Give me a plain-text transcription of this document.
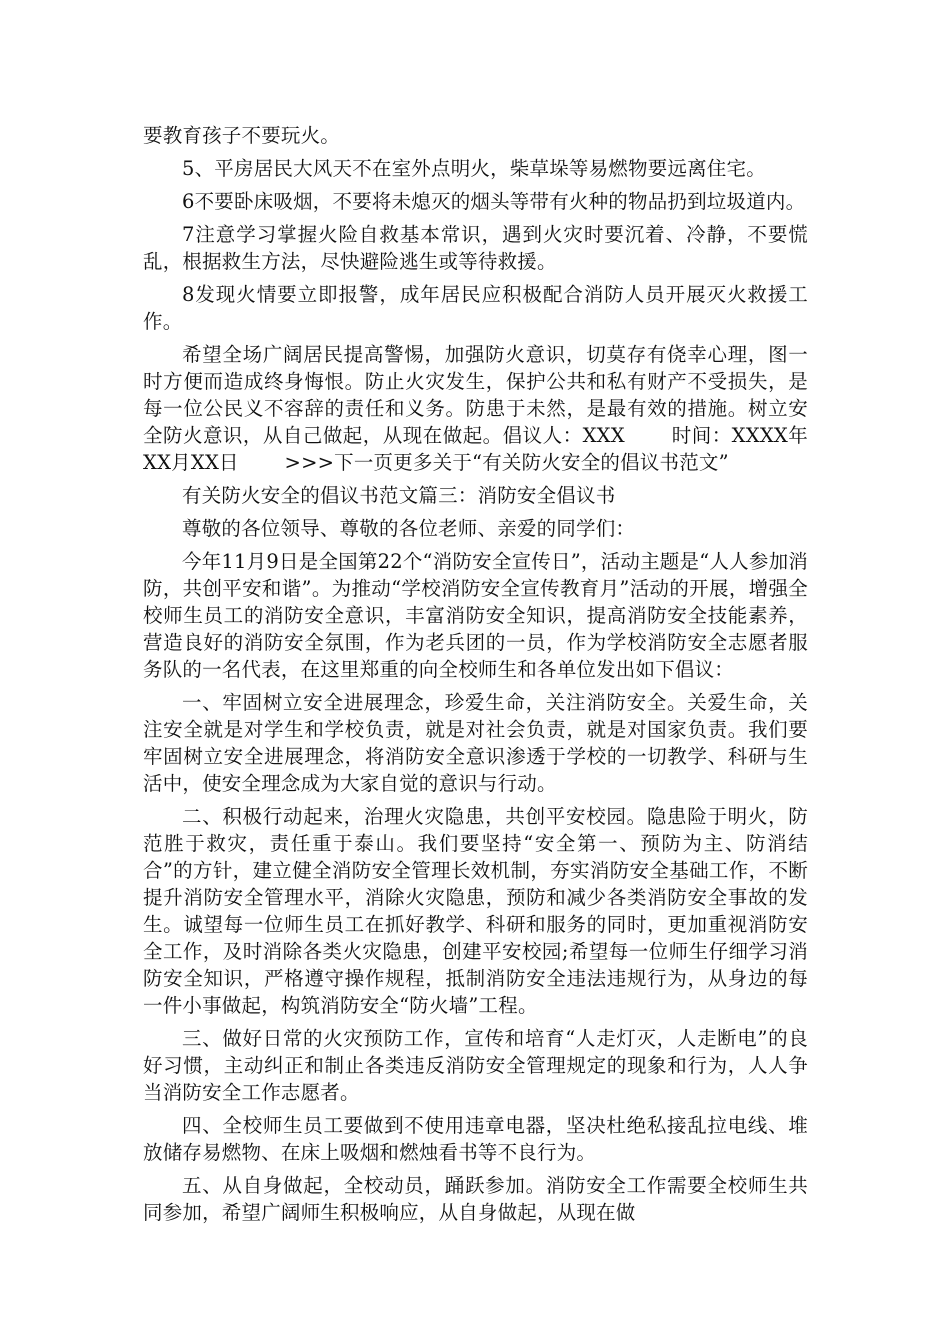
要教育孩子不要玩火。

5、平房居民大风天不在室外点明火，柴草垛等易燃物要远离住宅。

6不要卧床吸烟，不要将未熄灭的烟头等带有火种的物品扔到垃圾道内。

7注意学习掌握火险自救基本常识，遇到火灾时要沉着、冷静，不要慌乱，根据救生方法，尽快避险逃生或等待救援。

8发现火情要立即报警，成年居民应积极配合消防人员开展灭火救援工作。

希望全场广阔居民提高警惕，加强防火意识，切莫存有侥幸心理，图一时方便而造成终身悔恨。防止火灾发生，保护公共和私有财产不受损失，是每一位公民义不容辞的责任和义务。防患于未然，是最有效的措施。树立安全防火意识，从自己做起，从现在做起。倡议人：XXX　　 时间：XXXX年XX月XX日　　 >>>下一页更多关于“有关防火安全的倡议书范文”

有关防火安全的倡议书范文篇三：消防安全倡议书

尊敬的各位领导、尊敬的各位老师、亲爱的同学们：

今年11月9日是全国第22个“消防安全宣传日”，活动主题是“人人参加消防，共创平安和谐”。为推动“学校消防安全宣传教育月”活动的开展，增强全校师生员工的消防安全意识，丰富消防安全知识，提高消防安全技能素养，营造良好的消防安全氛围，作为老兵团的一员，作为学校消防安全志愿者服务队的一名代表，在这里郑重的向全校师生和各单位发出如下倡议：

一、牢固树立安全进展理念，珍爱生命，关注消防安全。关爱生命，关注安全就是对学生和学校负责，就是对社会负责，就是对国家负责。我们要牢固树立安全进展理念，将消防安全意识渗透于学校的一切教学、科研与生活中，使安全理念成为大家自觉的意识与行动。

二、积极行动起来，治理火灾隐患，共创平安校园。隐患险于明火，防范胜于救灾，责任重于泰山。我们要坚持“安全第一、预防为主、防消结合”的方针，建立健全消防安全管理长效机制，夯实消防安全基础工作，不断提升消防安全管理水平，消除火灾隐患，预防和减少各类消防安全事故的发生。诚望每一位师生员工在抓好教学、科研和服务的同时，更加重视消防安全工作，及时消除各类火灾隐患，创建平安校园;希望每一位师生仔细学习消防安全知识，严格遵守操作规程，抵制消防安全违法违规行为，从身边的每一件小事做起，构筑消防安全“防火墙”工程。

三、做好日常的火灾预防工作，宣传和培育“人走灯灭，人走断电”的良好习惯，主动纠正和制止各类违反消防安全管理规定的现象和行为，人人争当消防安全工作志愿者。

四、全校师生员工要做到不使用违章电器，坚决杜绝私接乱拉电线、堆放储存易燃物、在床上吸烟和燃烛看书等不良行为。

五、从自身做起，全校动员，踊跃参加。消防安全工作需要全校师生共同参加，希望广阔师生积极响应，从自身做起，从现在做
